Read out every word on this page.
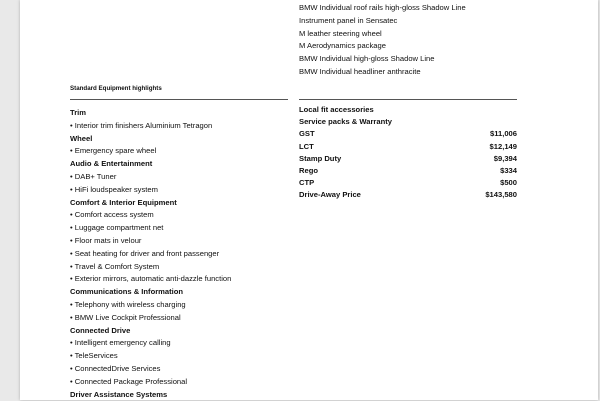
BMW Individual roof rails high-gloss Shadow Line
Instrument panel in Sensatec
M leather steering wheel
M Aerodynamics package
BMW Individual high-gloss Shadow Line
BMW Individual headliner anthracite
Standard Equipment highlights
Trim
• Interior trim finishers Aluminium Tetragon
Wheel
• Emergency spare wheel
Audio & Entertainment
• DAB+ Tuner
• HiFi loudspeaker system
Comfort & Interior Equipment
• Comfort access system
• Luggage compartment net
• Floor mats in velour
• Seat heating for driver and front passenger
• Travel & Comfort System
• Exterior mirrors, automatic anti-dazzle function
Communications & Information
• Telephony with wireless charging
• BMW Live Cockpit Professional
Connected Drive
• Intelligent emergency calling
• TeleServices
• ConnectedDrive Services
• Connected Package Professional
Driver Assistance Systems
Local fit accessories
Service packs & Warranty
GST	$11,006
LCT	$12,149
Stamp Duty	$9,394
Rego	$334
CTP	$500
Drive-Away Price	$143,580
